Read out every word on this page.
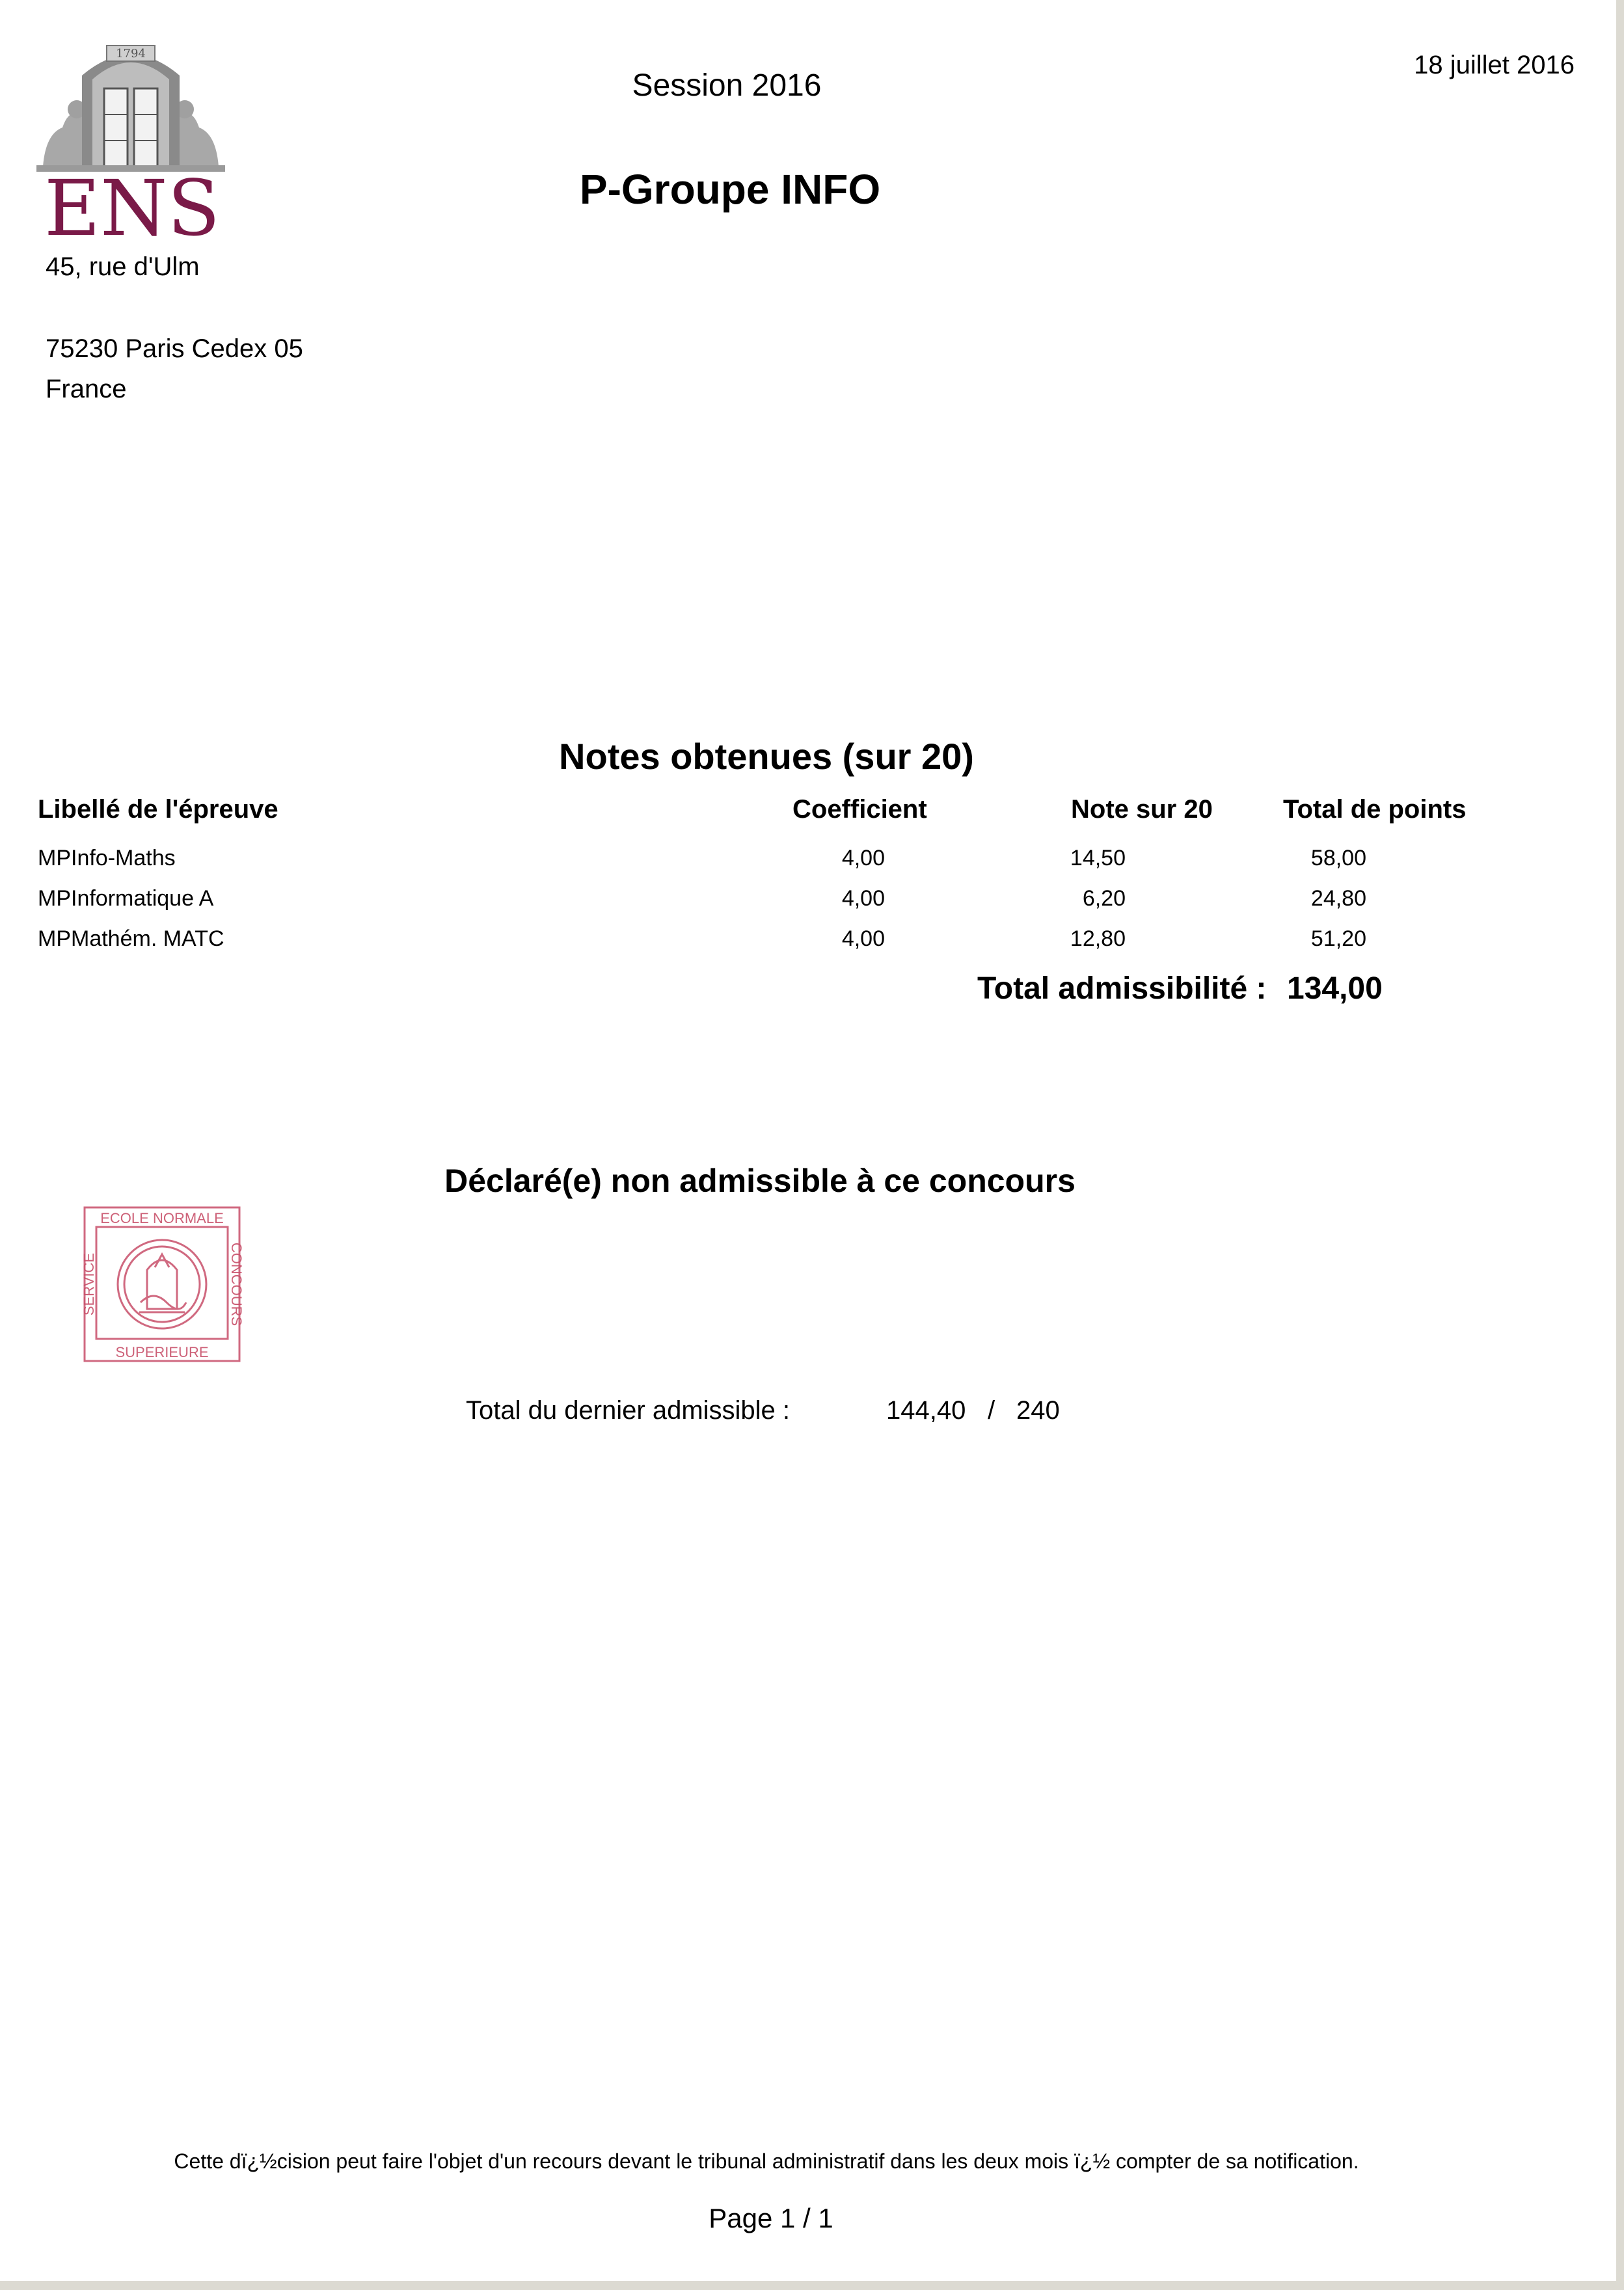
1794
ENS
45, rue d'Ulm
75230 Paris Cedex 05
France
Session 2016
P-Groupe INFO
18 juillet 2016
Notes obtenues (sur 20)
Libellé de l'épreuve	Coefficient	Note sur 20	Total de points
MPInfo-Maths	4,00	14,50	58,00
MPInformatique A	4,00	6,20	24,80
MPMathém. MATC	4,00	12,80	51,20
Total admissibilité : 134,00
Déclaré(e) non admissible à ce concours
ECOLE NORMALE
SUPERIEURE
SERVICE	CONCOURS
Total du dernier admissible :	144,40 / 240
Cette dï¿½cision peut faire l'objet d'un recours devant le tribunal administratif dans les deux mois ï¿½ compter de sa notification.
Page 1 / 1
